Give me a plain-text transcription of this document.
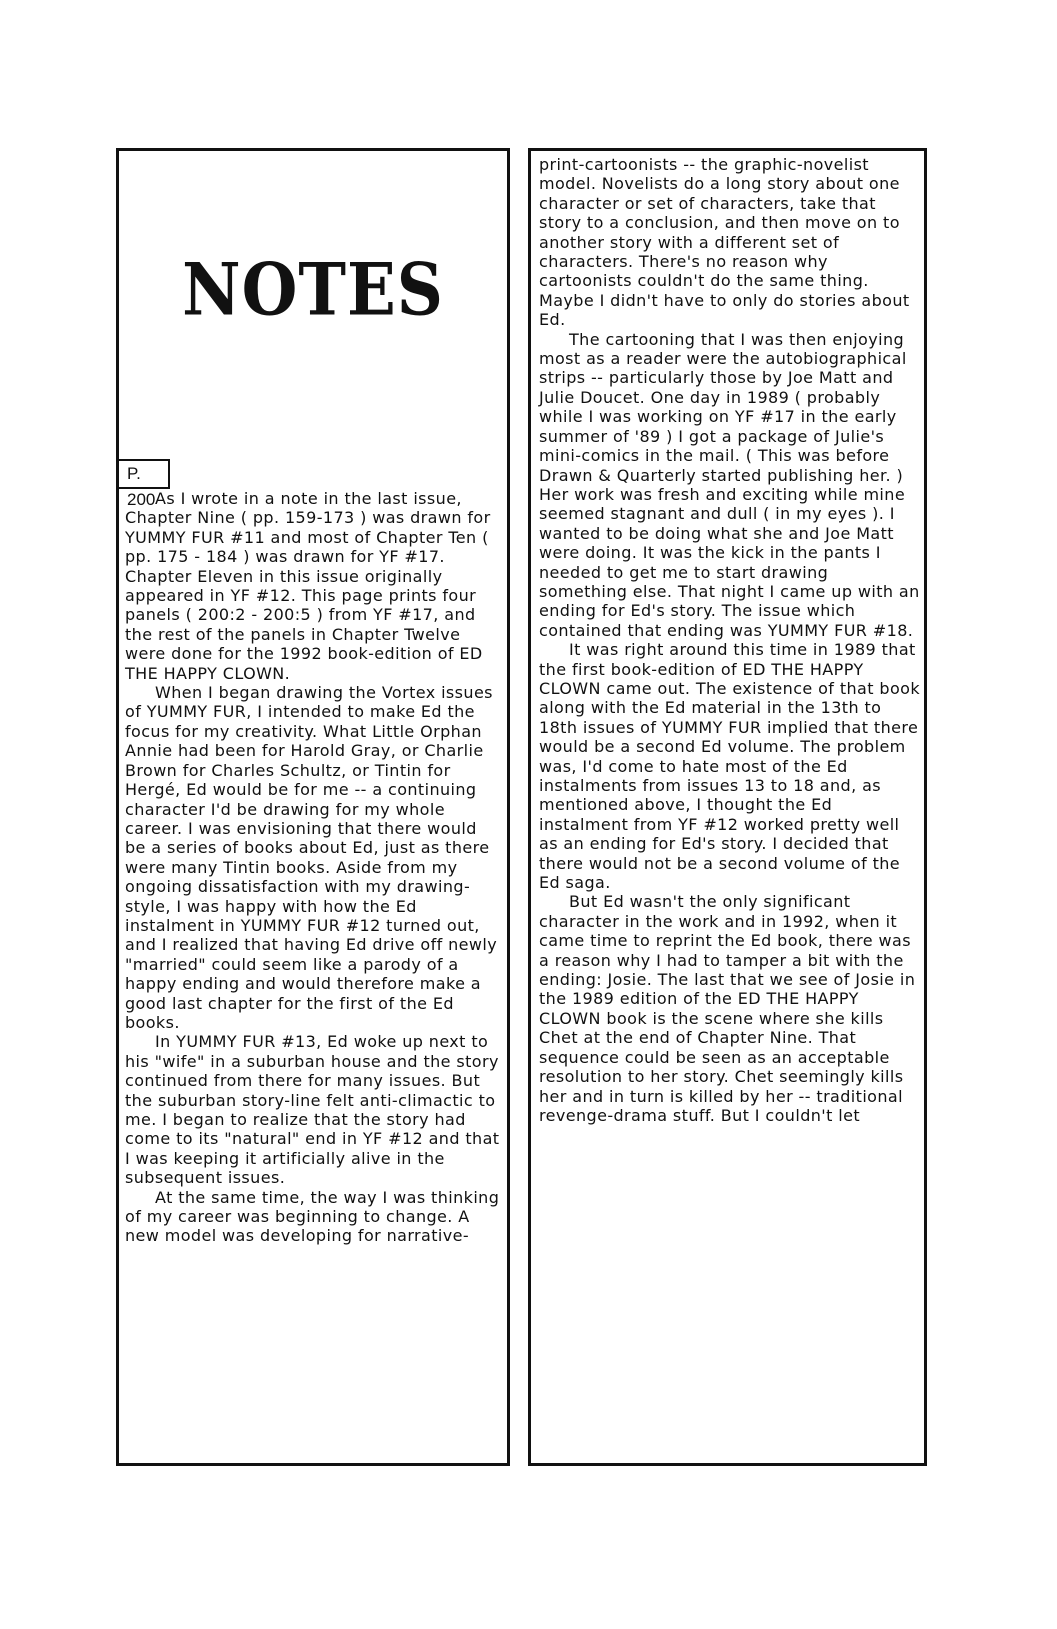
NOTES
P. 200 As I wrote in a note in the last issue, Chapter Nine ( pp. 159-173 ) was drawn for YUMMY FUR #11 and most of Chapter Ten ( pp. 175 - 184 ) was drawn for YF #17. Chapter Eleven in this issue originally appeared in YF #12. This page prints four panels ( 200:2 - 200:5 ) from YF #17, and the rest of the panels in Chapter Twelve were done for the 1992 book-edition of ED THE HAPPY CLOWN.

When I began drawing the Vortex issues of YUMMY FUR, I intended to make Ed the focus for my creativity. What Little Orphan Annie had been for Harold Gray, or Charlie Brown for Charles Schultz, or Tintin for Hergé, Ed would be for me -- a continuing character I'd be drawing for my whole career. I was envisioning that there would be a series of books about Ed, just as there were many Tintin books. Aside from my ongoing dissatisfaction with my drawing-style, I was happy with how the Ed instalment in YUMMY FUR #12 turned out, and I realized that having Ed drive off newly "married" could seem like a parody of a happy ending and would therefore make a good last chapter for the first of the Ed books.

In YUMMY FUR #13, Ed woke up next to his "wife" in a suburban house and the story continued from there for many issues. But the suburban story-line felt anti-climactic to me. I began to realize that the story had come to its "natural" end in YF #12 and that I was keeping it artificially alive in the subsequent issues.

At the same time, the way I was thinking of my career was beginning to change. A new model was developing for narrative-

print-cartoonists -- the graphic-novelist model. Novelists do a long story about one character or set of characters, take that story to a conclusion, and then move on to another story with a different set of characters. There's no reason why cartoonists couldn't do the same thing. Maybe I didn't have to only do stories about Ed.

The cartooning that I was then enjoying most as a reader were the autobiographical strips -- particularly those by Joe Matt and Julie Doucet. One day in 1989 ( probably while I was working on YF #17 in the early summer of '89 ) I got a package of Julie's mini-comics in the mail. ( This was before Drawn & Quarterly started publishing her. ) Her work was fresh and exciting while mine seemed stagnant and dull ( in my eyes ). I wanted to be doing what she and Joe Matt were doing. It was the kick in the pants I needed to get me to start drawing something else. That night I came up with an ending for Ed's story. The issue which contained that ending was YUMMY FUR #18.

It was right around this time in 1989 that the first book-edition of ED THE HAPPY CLOWN came out. The existence of that book along with the Ed material in the 13th to 18th issues of YUMMY FUR implied that there would be a second Ed volume. The problem was, I'd come to hate most of the Ed instalments from issues 13 to 18 and, as mentioned above, I thought the Ed instalment from YF #12 worked pretty well as an ending for Ed's story. I decided that there would not be a second volume of the Ed saga.

But Ed wasn't the only significant character in the work and in 1992, when it came time to reprint the Ed book, there was a reason why I had to tamper a bit with the ending: Josie. The last that we see of Josie in the 1989 edition of the ED THE HAPPY CLOWN book is the scene where she kills Chet at the end of Chapter Nine. That sequence could be seen as an acceptable resolution to her story. Chet seemingly kills her and in turn is killed by her -- traditional revenge-drama stuff. But I couldn't let
